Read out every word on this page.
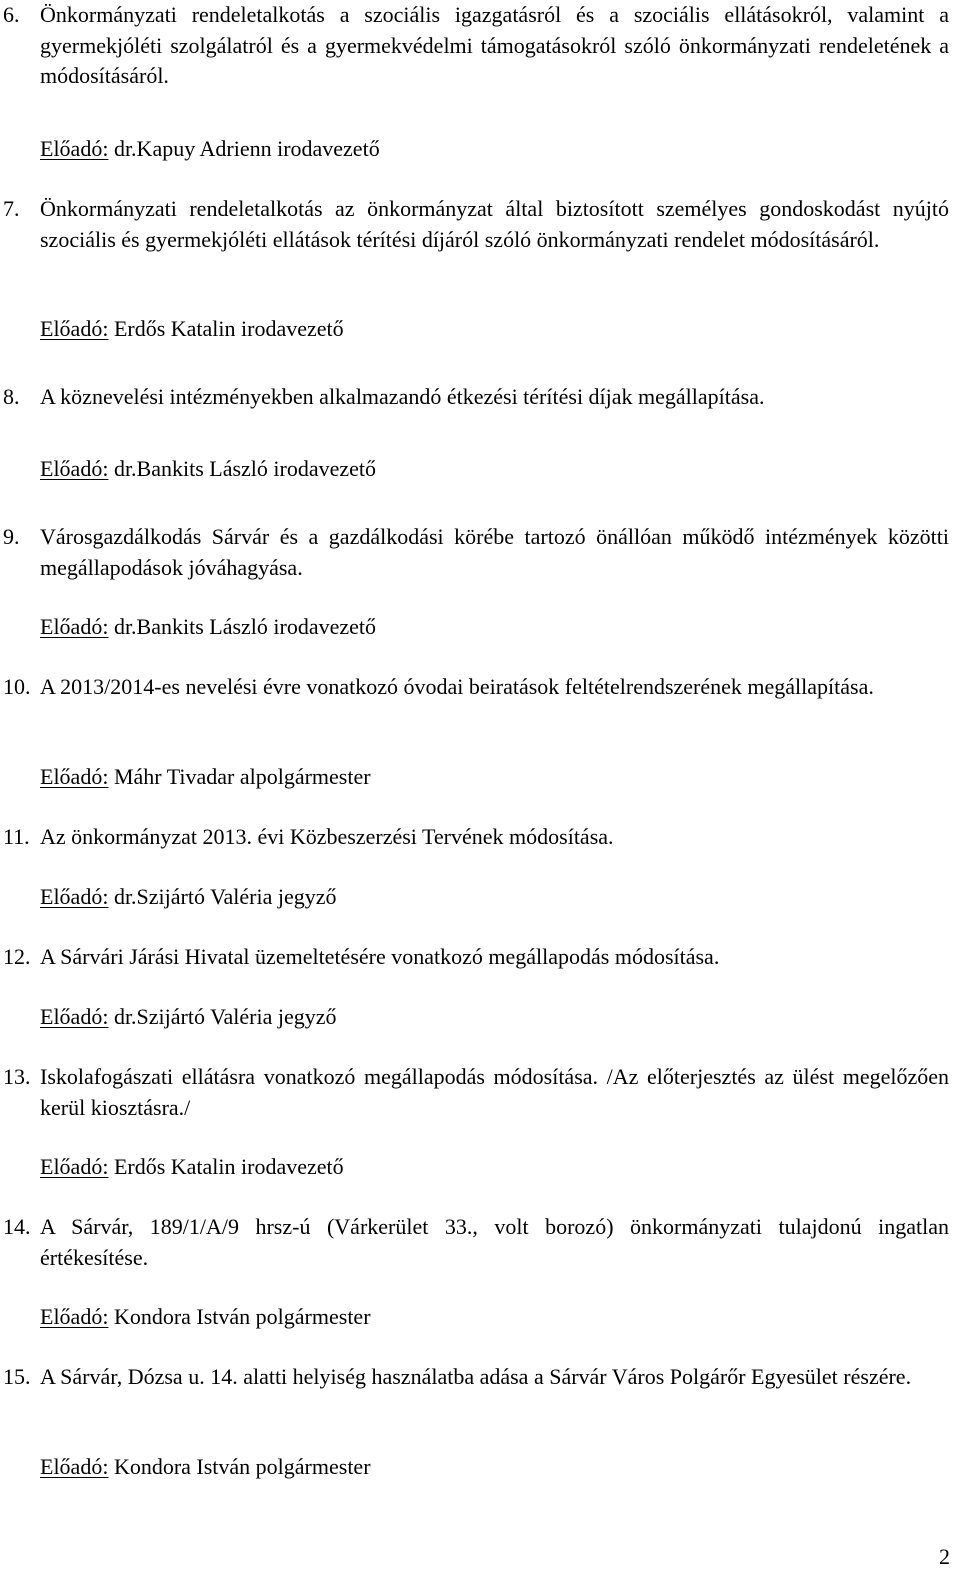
6. Önkormányzati rendeletalkotás a szociális igazgatásról és a szociális ellátásokról, valamint a gyermekjóléti szolgálatról és a gyermekvédelmi támogatásokról szóló önkormányzati rendeletének a módosításáról.
Előadó: dr.Kapuy Adrienn irodavezető
7. Önkormányzati rendeletalkotás az önkormányzat által biztosított személyes gondoskodást nyújtó szociális és gyermekjóléti ellátások térítési díjáról szóló önkormányzati rendelet módosításáról.
Előadó: Erdős Katalin irodavezető
8. A köznevelési intézményekben alkalmazandó étkezési térítési díjak megállapítása.
Előadó: dr.Bankits László irodavezető
9. Városgazdálkodás Sárvár és a gazdálkodási körébe tartozó önállóan működő intézmények közötti megállapodások jóváhagyása.
Előadó: dr.Bankits László irodavezető
10. A 2013/2014-es nevelési évre vonatkozó óvodai beiratások feltételrendszerének megállapítása.
Előadó: Máhr Tivadar alpolgármester
11. Az önkormányzat 2013. évi Közbeszerzési Tervének módosítása.
Előadó: dr.Szijártó Valéria jegyző
12. A Sárvári Járási Hivatal üzemeltetésére vonatkozó megállapodás módosítása.
Előadó: dr.Szijártó Valéria jegyző
13. Iskolafogászati ellátásra vonatkozó megállapodás módosítása. /Az előterjesztés az ülést megelőzően kerül kiosztásra./
Előadó: Erdős Katalin irodavezető
14. A Sárvár, 189/1/A/9 hrsz-ú (Várkerület 33., volt borozó) önkormányzati tulajdonú ingatlan értékesítése.
Előadó: Kondora István polgármester
15. A Sárvár, Dózsa u. 14. alatti helyiség használatba adása a Sárvár Város Polgárőr Egyesület részére.
Előadó: Kondora István polgármester
2
